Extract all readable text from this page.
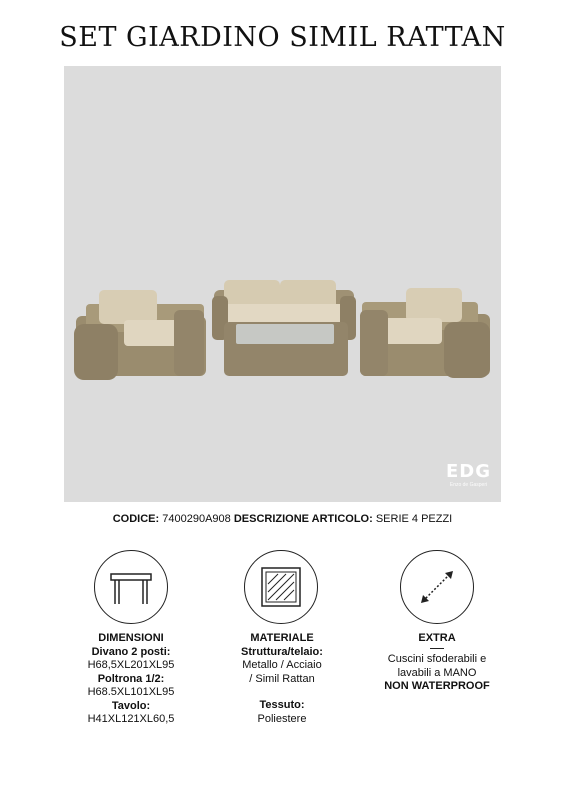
SET GIARDINO SIMIL RATTAN
EDG
Enzo de Gasperi
CODICE: 7400290A908 DESCRIZIONE ARTICOLO: SERIE 4 PEZZI
DIMENSIONI
Divano 2 posti:
H68,5XL201XL95
Poltrona 1/2:
H68.5XL101XL95
Tavolo:
H41XL121XL60,5
MATERIALE
Struttura/telaio:
Metallo / Acciaio
/ Simil Rattan
Tessuto:
Poliestere
EXTRA
Cuscini sfoderabili e
lavabili a MANO
NON WATERPROOF
